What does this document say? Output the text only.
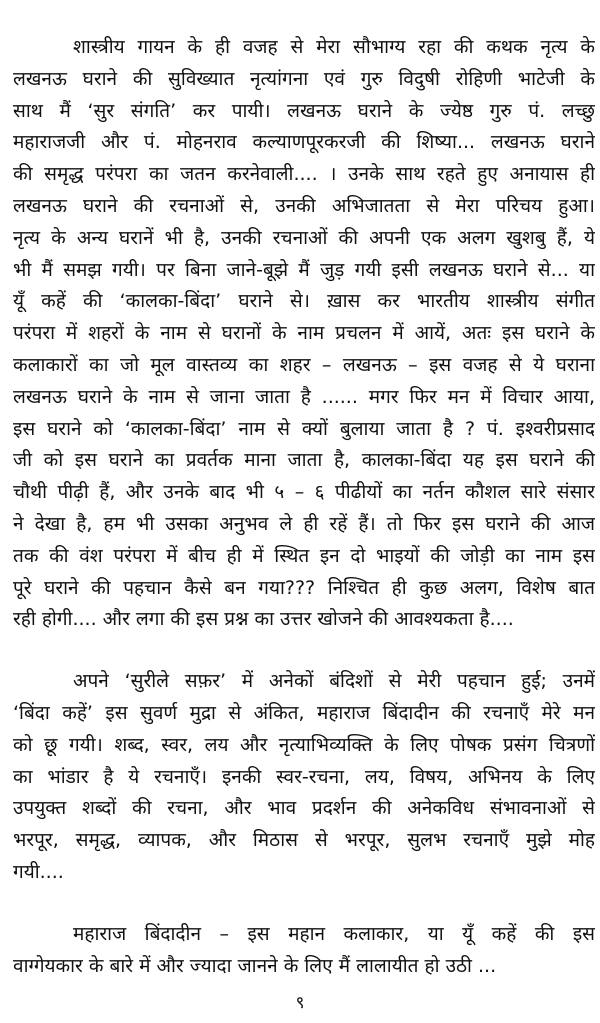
शास्त्रीय गायन के ही वजह से मेरा सौभाग्य रहा की कथक नृत्य के
लखनऊ घराने की सुविख्यात नृत्यांगना एवं गुरु विदुषी रोहिणी भाटेजी के
साथ मैं ‘सुर संगति’ कर पायी। लखनऊ घराने के ज्येष्ठ गुरु पं. लच्छु
महाराजजी और पं. मोहनराव कल्याणपूरकरजी की शिष्या... लखनऊ घराने
की समृद्ध परंपरा का जतन करनेवाली.... । उनके साथ रहते हुए अनायास ही
लखनऊ घराने की रचनाओं से, उनकी अभिजातता से मेरा परिचय हुआ।
नृत्य के अन्य घरानें भी है, उनकी रचनाओं की अपनी एक अलग खुशबु हैं, ये
भी मैं समझ गयी। पर बिना जाने-बूझे मैं जुड़ गयी इसी लखनऊ घराने से... या
यूँ कहें की ‘कालका-बिंदा’ घराने से। ख़ास कर भारतीय शास्त्रीय संगीत
परंपरा में शहरों के नाम से घरानों के नाम प्रचलन में आयें, अतः इस घराने के
कलाकारों का जो मूल वास्तव्य का शहर – लखनऊ – इस वजह से ये घराना
लखनऊ घराने के नाम से जाना जाता है ...... मगर फिर मन में विचार आया,
इस घराने को ‘कालका-बिंदा’ नाम से क्यों बुलाया जाता है ? पं. इश्वरीप्रसाद
जी को इस घराने का प्रवर्तक माना जाता है, कालका-बिंदा यह इस घराने की
चौथी पीढ़ी हैं, और उनके बाद भी ५ – ६ पीढीयों का नर्तन कौशल सारे संसार
ने देखा है, हम भी उसका अनुभव ले ही रहें हैं। तो फिर इस घराने की आज
तक की वंश परंपरा में बीच ही में स्थित इन दो भाइयों की जोड़ी का नाम इस
पूरे घराने की पहचान कैसे बन गया??? निश्चित ही कुछ अलग, विशेष बात
रही होगी.... और लगा की इस प्रश्न का उत्तर खोजने की आवश्यकता है....
अपने ‘सुरीले सफ़र’ में अनेकों बंदिशों से मेरी पहचान हुई; उनमें
‘बिंदा कहें’ इस सुवर्ण मुद्रा से अंकित, महाराज बिंदादीन की रचनाएँ मेरे मन
को छू गयी। शब्द, स्वर, लय और नृत्याभिव्यक्ति के लिए पोषक प्रसंग चित्रणों
का भांडार है ये रचनाएँ। इनकी स्वर-रचना, लय, विषय, अभिनय के लिए
उपयुक्त शब्दों की रचना, और भाव प्रदर्शन की अनेकविध संभावनाओं से
भरपूर, समृद्ध, व्यापक, और मिठास से भरपूर, सुलभ रचनाएँ मुझे मोह
गयी....
महाराज बिंदादीन – इस महान कलाकार, या यूँ कहें की इस
वाग्गेयकार के बारे में और ज्यादा जानने के लिए मैं लालायीत हो उठी ...
९
